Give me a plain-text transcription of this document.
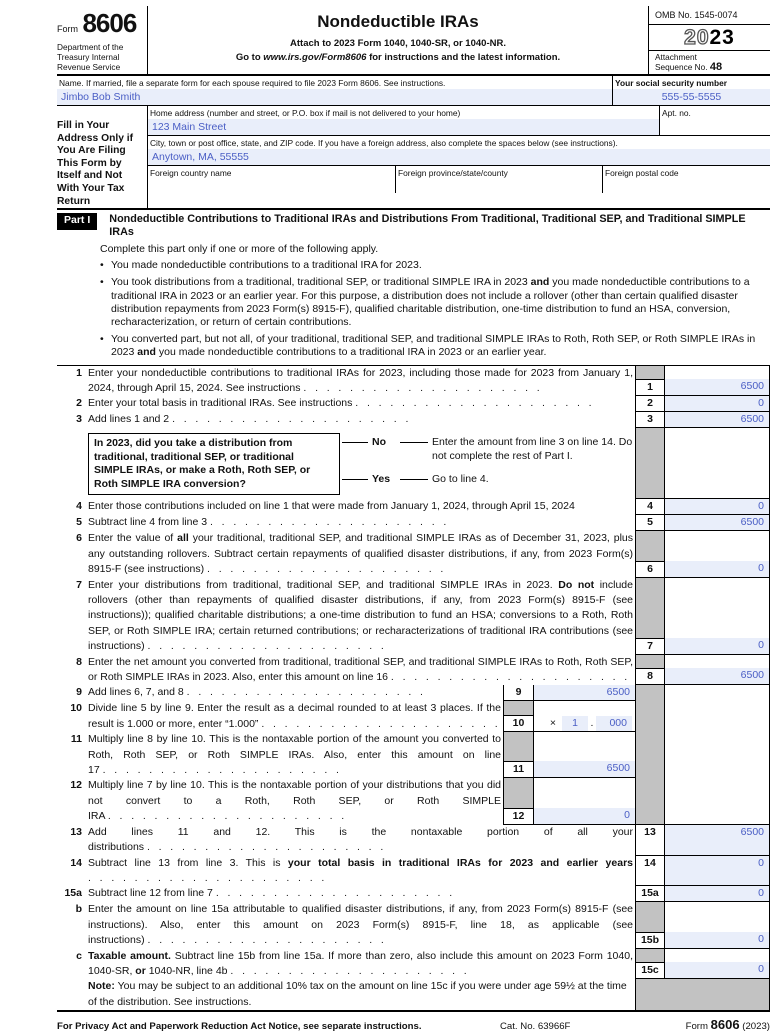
Form 8606
Department of the Treasury Internal Revenue Service
Nondeductible IRAs
Attach to 2023 Form 1040, 1040-SR, or 1040-NR.
Go to www.irs.gov/Form8606 for instructions and the latest information.
OMB No. 1545-0074
2023
Attachment
Sequence No. 48
Name. If married, file a separate form for each spouse required to file 2023 Form 8606. See instructions.
Jimbo Bob Smith
Your social security number
555-55-5555
Fill in Your Address Only if You Are Filing This Form by Itself and Not With Your Tax Return
Home address (number and street, or P.O. box if mail is not delivered to your home)
123 Main Street
Apt. no.
City, town or post office, state, and ZIP code. If you have a foreign address, also complete the spaces below (see instructions).
Anytown, MA, 55555
Foreign country name	Foreign province/state/county	Foreign postal code
Part I	Nondeductible Contributions to Traditional IRAs and Distributions From Traditional, Traditional SEP, and Traditional SIMPLE IRAs
Complete this part only if one or more of the following apply.
• You made nondeductible contributions to a traditional IRA for 2023.
• You took distributions from a traditional, traditional SEP, or traditional SIMPLE IRA in 2023 and you made nondeductible contributions to a traditional IRA in 2023 or an earlier year. For this purpose, a distribution does not include a rollover (other than certain qualified disaster distribution repayments from 2023 Form(s) 8915-F), qualified charitable distribution, one-time distribution to fund an HSA, conversion, recharacterization, or return of certain contributions.
• You converted part, but not all, of your traditional, traditional SEP, and traditional SIMPLE IRAs to Roth, Roth SEP, or Roth SIMPLE IRAs in 2023 and you made nondeductible contributions to a traditional IRA in 2023 or an earlier year.
1 Enter your nondeductible contributions to traditional IRAs for 2023, including those made for 2023 from January 1, 2024, through April 15, 2024. See instructions .   .	1	6500
2 Enter your total basis in traditional IRAs. See instructions .   .	2	0
3 Add lines 1 and 2 .   .	3	6500
In 2023, did you take a distribution from traditional, traditional SEP, or traditional SIMPLE IRAs, or make a Roth, Roth SEP, or Roth SIMPLE IRA conversion?
No	Enter the amount from line 3 on line 14. Do not complete the rest of Part I.
Yes	Go to line 4.
4 Enter those contributions included on line 1 that were made from January 1, 2024, through April 15, 2024	4	0
5 Subtract line 4 from line 3 .   .	5	6500
6 Enter the value of all your traditional, traditional SEP, and traditional SIMPLE IRAs as of December 31, 2023, plus any outstanding rollovers. Subtract certain repayments of qualified disaster distributions, if any, from 2023 Form(s) 8915-F (see instructions) .   .	6	0
7 Enter your distributions from traditional, traditional SEP, and traditional SIMPLE IRAs in 2023. Do not include rollovers (other than repayments of qualified disaster distributions, if any, from 2023 Form(s) 8915-F (see instructions)); qualified charitable distributions; a one-time distribution to fund an HSA; conversions to a Roth, Roth SEP, or Roth SIMPLE IRA; certain returned contributions; or recharacterizations of traditional IRA contributions (see instructions) .   .	7	0
8 Enter the net amount you converted from traditional, traditional SEP, and traditional SIMPLE IRAs to Roth, Roth SEP, or Roth SIMPLE IRAs in 2023. Also, enter this amount on line 16 .   .	8	6500
9 Add lines 6, 7, and 8 .   .	9	6500
10 Divide line 5 by line 9. Enter the result as a decimal rounded to at least 3 places. If the result is 1.000 or more, enter “1.000” .   .	10	×	1	.	000
11 Multiply line 8 by line 10. This is the nontaxable portion of the amount you converted to Roth, Roth SEP, or Roth SIMPLE IRAs. Also, enter this amount on line 17 .   .	11	6500
12 Multiply line 7 by line 10. This is the nontaxable portion of your distributions that you did not convert to a Roth, Roth SEP, or Roth SIMPLE IRA .   .	12	0
13 Add lines 11 and 12. This is the nontaxable portion of all your distributions .   .
13	6500
14 Subtract line 13 from line 3. This is your total basis in traditional IRAs for 2023 and earlier years .   .	14	0
15a Subtract line 12 from line 7 .   .	15a	0
b Enter the amount on line 15a attributable to qualified disaster distributions, if any, from 2023 Form(s) 8915-F (see instructions). Also, enter this amount on 2023 Form(s) 8915-F, line 18, as applicable (see instructions) .   .	15b	0
c Taxable amount. Subtract line 15b from line 15a. If more than zero, also include this amount on 2023 Form 1040, 1040-SR, or 1040-NR, line 4b .   .	15c	0
Note: You may be subject to an additional 10% tax on the amount on line 15c if you were under age 59½ at the time of the distribution. See instructions.
For Privacy Act and Paperwork Reduction Act Notice, see separate instructions.	Cat. No. 63966F	Form 8606 (2023)
